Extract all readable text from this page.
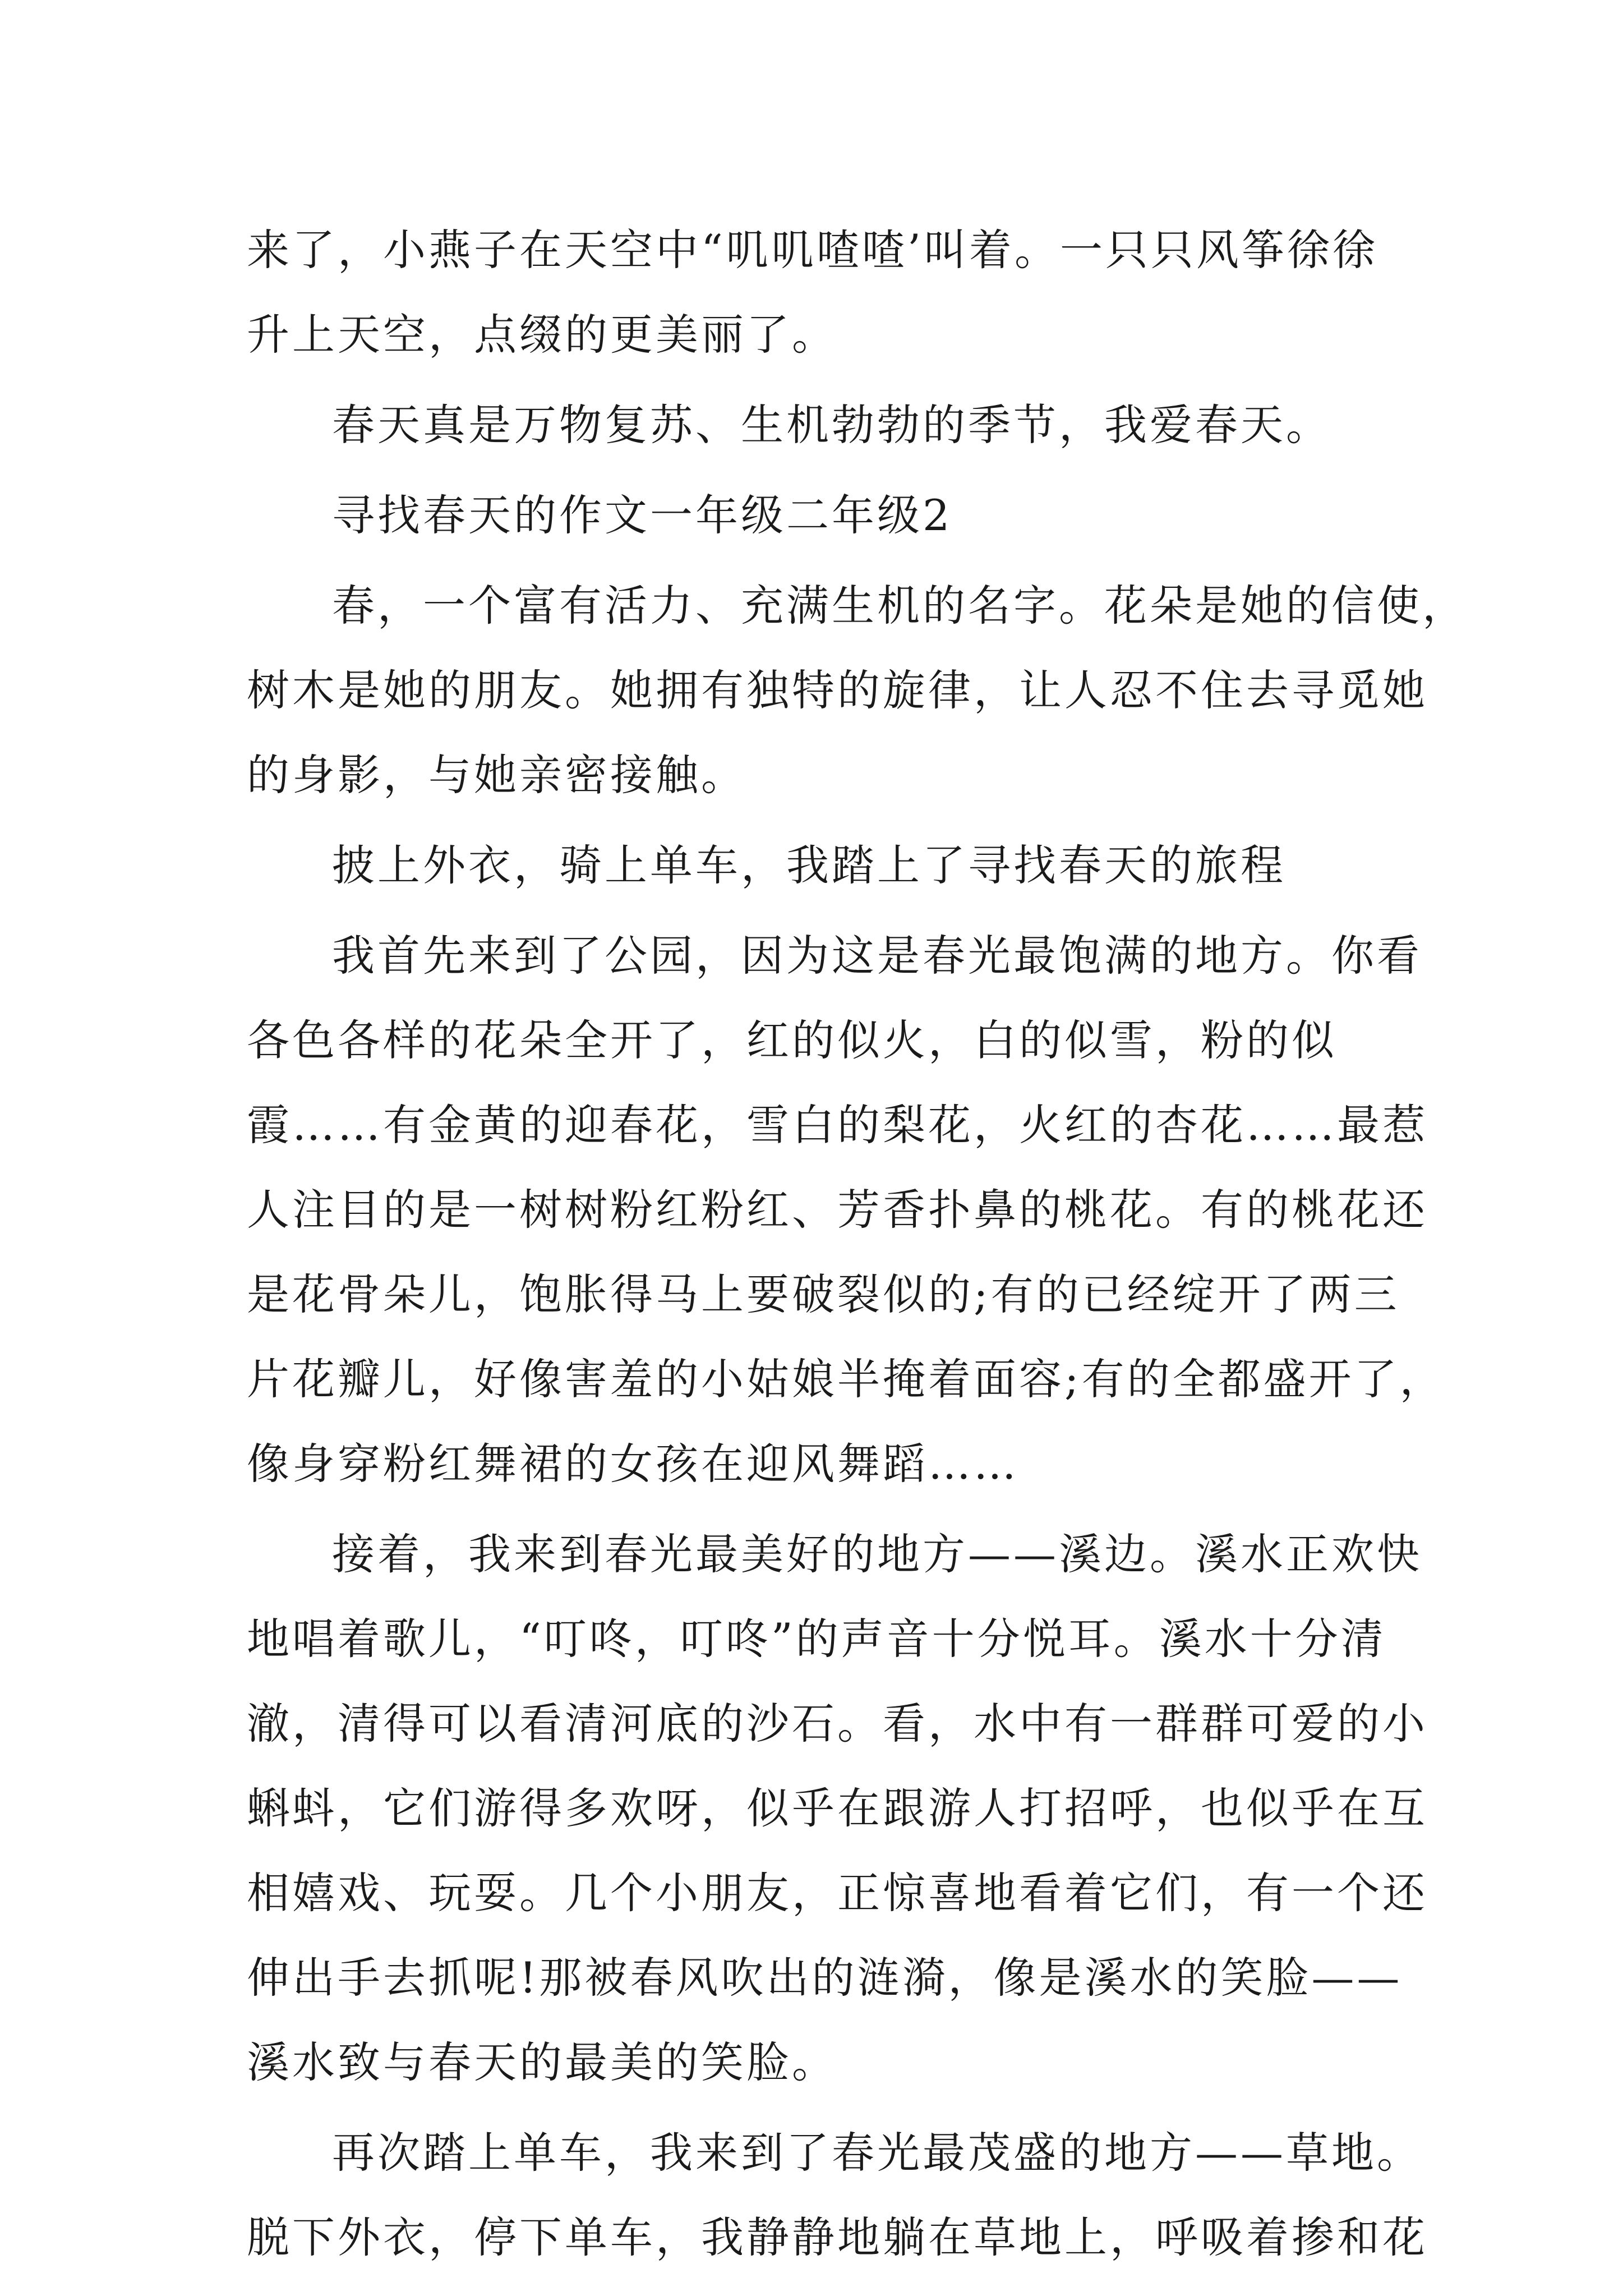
来了，小燕子在天空中“叽叽喳喳’叫着。一只只风筝徐徐
升上天空，点缀的更美丽了。
春天真是万物复苏、生机勃勃的季节，我爱春天。
寻找春天的作文一年级二年级2
春，一个富有活力、充满生机的名字。花朵是她的信使，
树木是她的朋友。她拥有独特的旋律，让人忍不住去寻觅她
的身影，与她亲密接触。
披上外衣，骑上单车，我踏上了寻找春天的旅程
我首先来到了公园，因为这是春光最饱满的地方。你看
各色各样的花朵全开了，红的似火，白的似雪，粉的似
霞……有金黄的迎春花，雪白的梨花，火红的杏花……最惹
人注目的是一树树粉红粉红、芳香扑鼻的桃花。有的桃花还
是花骨朵儿，饱胀得马上要破裂似的;有的已经绽开了两三
片花瓣儿，好像害羞的小姑娘半掩着面容;有的全都盛开了，
像身穿粉红舞裙的女孩在迎风舞蹈……
接着，我来到春光最美好的地方——溪边。溪水正欢快
地唱着歌儿，“叮咚，叮咚”的声音十分悦耳。溪水十分清
澈，清得可以看清河底的沙石。看，水中有一群群可爱的小
蝌蚪，它们游得多欢呀，似乎在跟游人打招呼，也似乎在互
相嬉戏、玩耍。几个小朋友，正惊喜地看着它们，有一个还
伸出手去抓呢!那被春风吹出的涟漪，像是溪水的笑脸——
溪水致与春天的最美的笑脸。
再次踏上单车，我来到了春光最茂盛的地方——草地。
脱下外衣，停下单车，我静静地躺在草地上，呼吸着掺和花
